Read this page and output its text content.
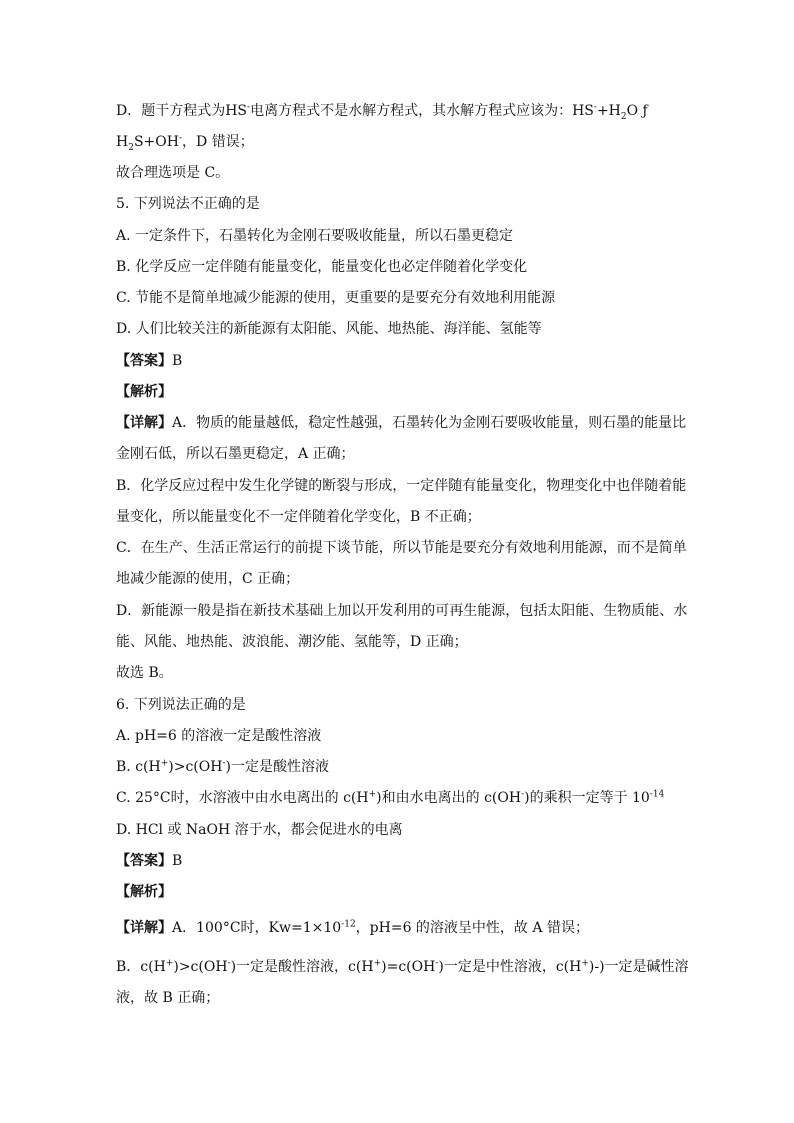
D．题干方程式为HS-电离方程式不是水解方程式，其水解方程式应该为：$HS^-+H_2O$ ƒ
$H_2S+OH^-$，D 错误；
故合理选项是 C。
5. 下列说法不正确的是
A. 一定条件下，石墨转化为金刚石要吸收能量，所以石墨更稳定
B. 化学反应一定伴随有能量变化，能量变化也必定伴随着化学变化
C. 节能不是简单地减少能源的使用，更重要的是要充分有效地利用能源
D. 人们比较关注的新能源有太阳能、风能、地热能、海洋能、氢能等
【答案】B
【解析】
【详解】A．物质的能量越低，稳定性越强，石墨转化为金刚石要吸收能量，则石墨的能量比
金刚石低，所以石墨更稳定，A 正确；
B．化学反应过程中发生化学键的断裂与形成，一定伴随有能量变化，物理变化中也伴随着能
量变化，所以能量变化不一定伴随着化学变化，B 不正确；
C．在生产、生活正常运行的前提下谈节能，所以节能是要充分有效地利用能源，而不是简单
地减少能源的使用，C 正确；
D．新能源一般是指在新技术基础上加以开发利用的可再生能源，包括太阳能、生物质能、水
能、风能、地热能、波浪能、潮汐能、氢能等，D 正确；
故选 B。
6. 下列说法正确的是
A. pH=6 的溶液一定是酸性溶液
B. c(H+)>c(OH-)一定是酸性溶液
C. 25°C时，水溶液中由水电离出的 c(H+)和由水电离出的 c(OH-)的乘积一定等于 $10^{-14}$
D. HCl 或 NaOH 溶于水，都会促进水的电离
【答案】B
【解析】
【详解】A．100°C时，$Kw=1\times 10^{-12}$，pH=6 的溶液呈中性，故 A 错误；
B．c(H+)>c(OH-)一定是酸性溶液，c(H+)=c(OH-)一定是中性溶液，c(H+)-)一定是碱性溶
液，故 B 正确；
